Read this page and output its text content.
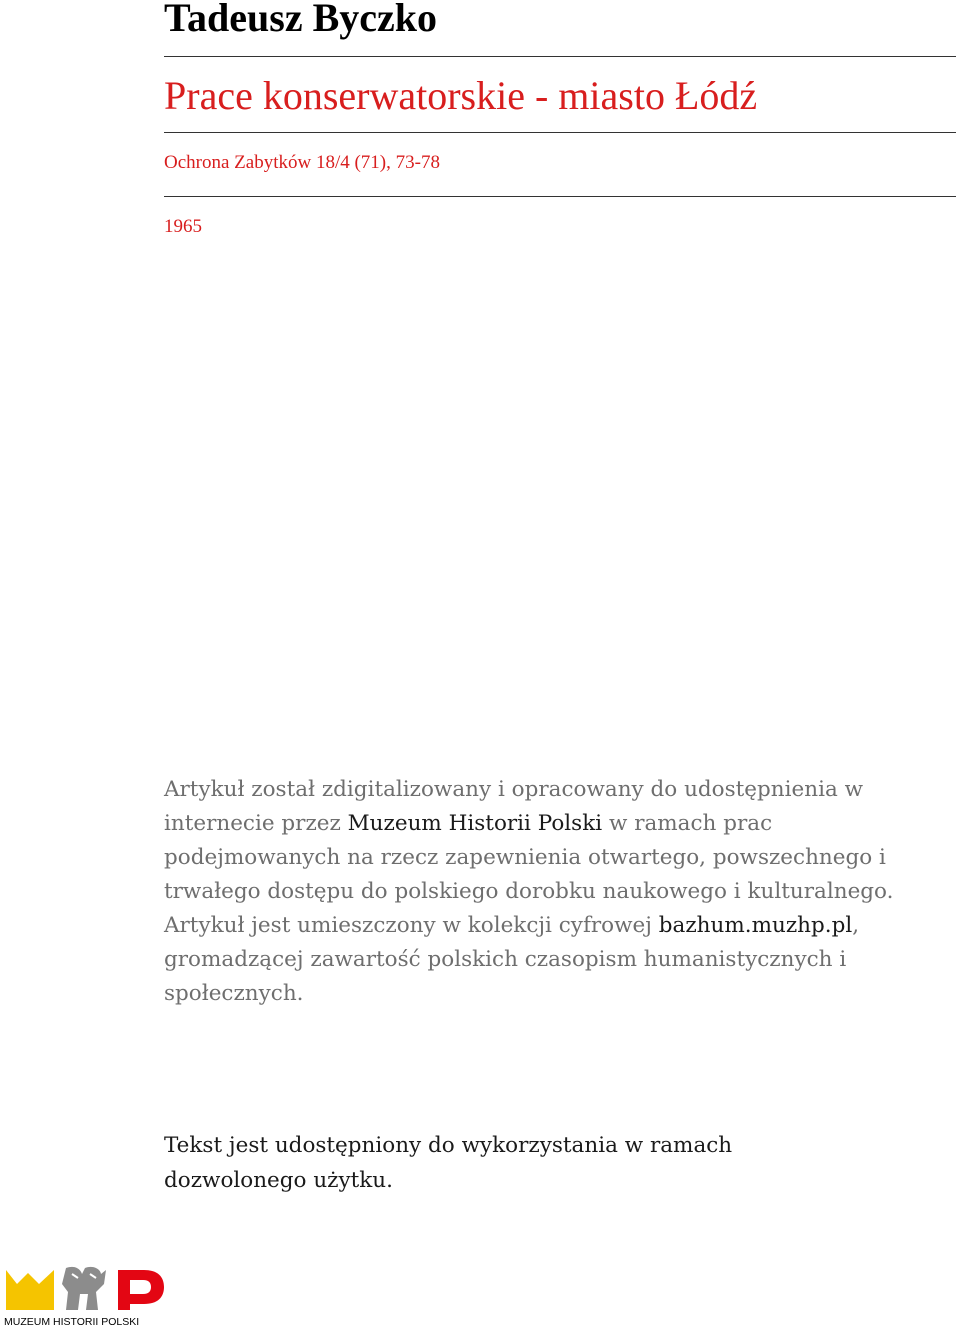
Tadeusz Byczko
Prace konserwatorskie - miasto Łódź
Ochrona Zabytków 18/4 (71), 73-78
1965

Artykuł został zdigitalizowany i opracowany do udostępnienia w internecie przez Muzeum Historii Polski w ramach prac podejmowanych na rzecz zapewnienia otwartego, powszechnego i trwałego dostępu do polskiego dorobku naukowego i kulturalnego. Artykuł jest umieszczony w kolekcji cyfrowej bazhum.muzhp.pl, gromadzącej zawartość polskich czasopism humanistycznych i społecznych.

Tekst jest udostępniony do wykorzystania w ramach dozwolonego użytku.

MUZEUM HISTORII POLSKI
